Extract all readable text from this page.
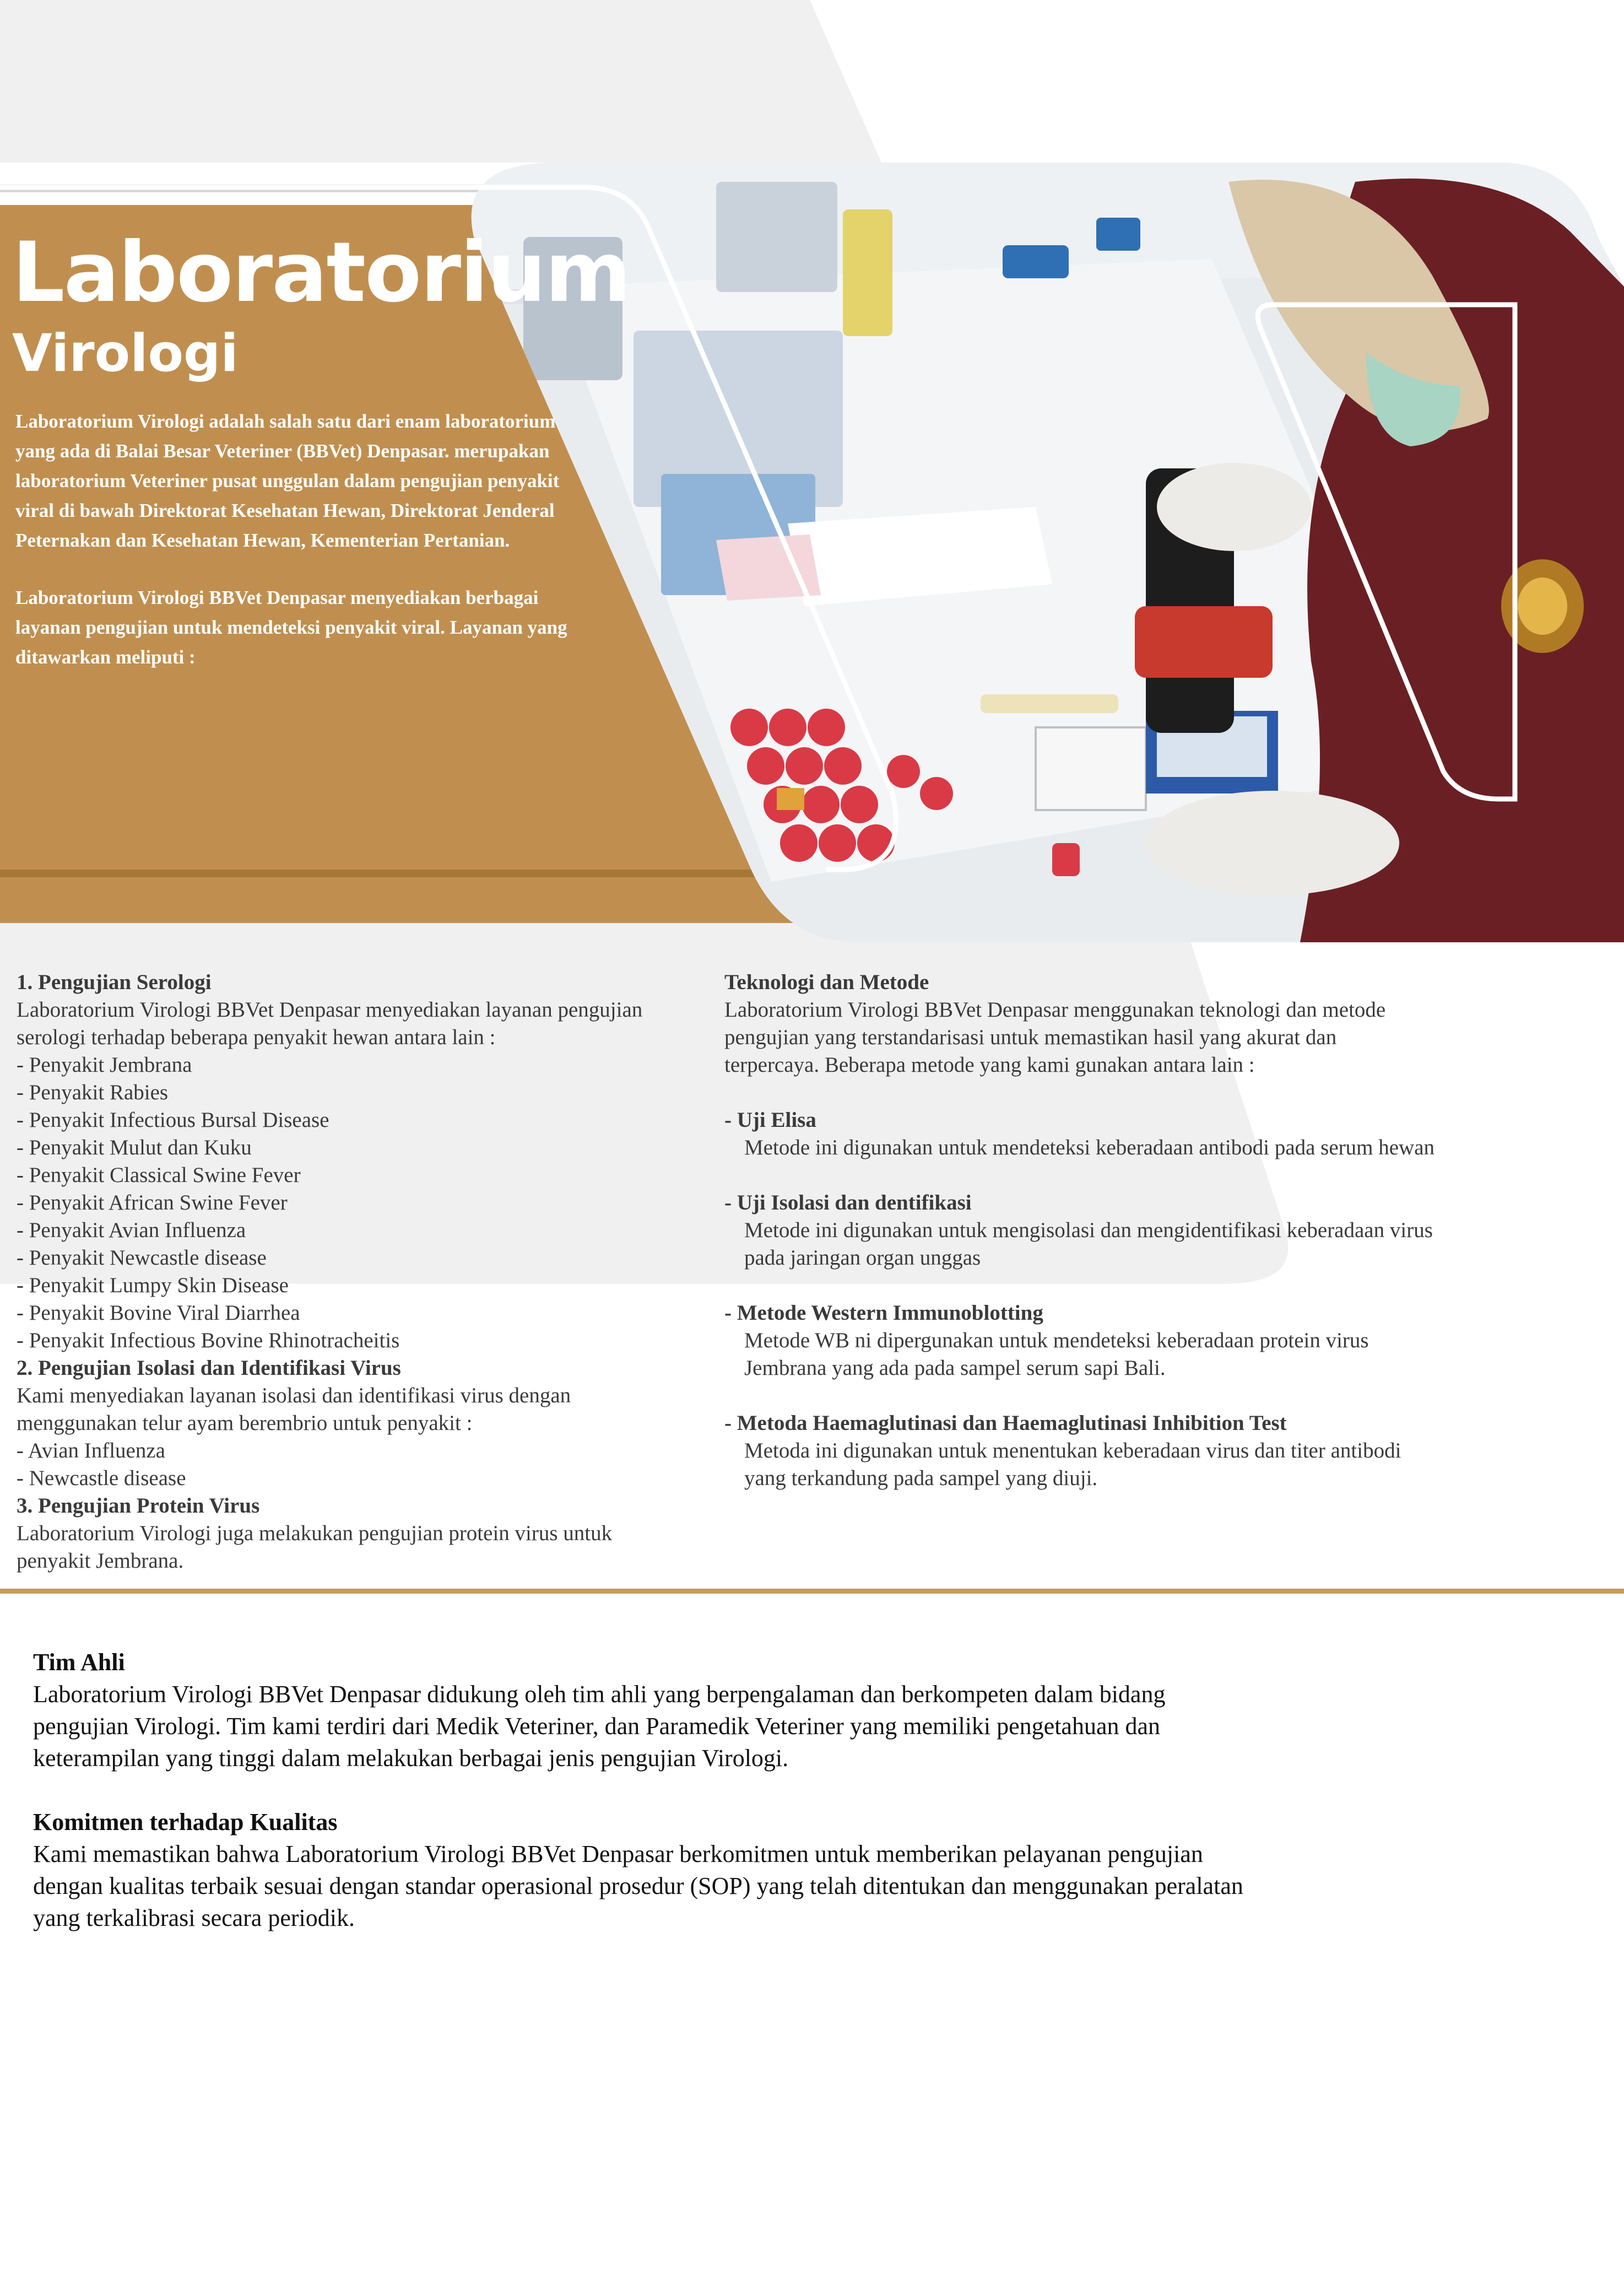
Laboratorium
Virologi
Laboratorium Virologi adalah salah satu dari enam laboratorium
yang ada di Balai Besar Veteriner (BBVet) Denpasar. merupakan
laboratorium Veteriner pusat unggulan dalam pengujian penyakit
viral di bawah Direktorat Kesehatan Hewan, Direktorat Jenderal
Peternakan dan Kesehatan Hewan, Kementerian Pertanian.
Laboratorium Virologi BBVet Denpasar menyediakan berbagai
layanan pengujian untuk mendeteksi penyakit viral. Layanan yang
ditawarkan meliputi :
1. Pengujian Serologi
Laboratorium Virologi BBVet Denpasar menyediakan layanan pengujian
serologi terhadap beberapa penyakit hewan antara lain :
- Penyakit Jembrana
- Penyakit Rabies
- Penyakit Infectious Bursal Disease
- Penyakit Mulut dan Kuku
- Penyakit Classical Swine Fever
- Penyakit African Swine Fever
- Penyakit Avian Influenza
- Penyakit Newcastle disease
- Penyakit Lumpy Skin Disease
- Penyakit Bovine Viral Diarrhea
- Penyakit Infectious Bovine Rhinotracheitis
2. Pengujian Isolasi dan Identifikasi Virus
Kami menyediakan layanan isolasi dan identifikasi virus dengan
menggunakan telur ayam berembrio untuk penyakit :
- Avian Influenza
- Newcastle disease
3. Pengujian Protein Virus
Laboratorium Virologi juga melakukan pengujian protein virus untuk
penyakit Jembrana.
Teknologi dan Metode
Laboratorium Virologi BBVet Denpasar menggunakan teknologi dan metode
pengujian yang terstandarisasi untuk memastikan hasil yang akurat dan
terpercaya. Beberapa metode yang kami gunakan antara lain :
- Uji Elisa
Metode ini digunakan untuk mendeteksi keberadaan antibodi pada serum hewan
- Uji Isolasi dan dentifikasi
Metode ini digunakan untuk mengisolasi dan mengidentifikasi keberadaan virus
pada jaringan organ unggas
- Metode Western Immunoblotting
Metode WB ni dipergunakan untuk mendeteksi keberadaan protein virus
Jembrana yang ada pada sampel serum sapi Bali.
- Metoda Haemaglutinasi dan Haemaglutinasi Inhibition Test
Metoda ini digunakan untuk menentukan keberadaan virus dan titer antibodi
yang terkandung pada sampel yang diuji.
Tim Ahli
Laboratorium Virologi BBVet Denpasar didukung oleh tim ahli yang berpengalaman dan berkompeten dalam bidang
pengujian Virologi. Tim kami terdiri dari Medik Veteriner, dan Paramedik Veteriner yang memiliki pengetahuan dan
keterampilan yang tinggi dalam melakukan berbagai jenis pengujian Virologi.
Komitmen terhadap Kualitas
Kami memastikan bahwa Laboratorium Virologi BBVet Denpasar berkomitmen untuk memberikan pelayanan pengujian
dengan kualitas terbaik sesuai dengan standar operasional prosedur (SOP) yang telah ditentukan dan menggunakan peralatan
yang terkalibrasi secara periodik.
